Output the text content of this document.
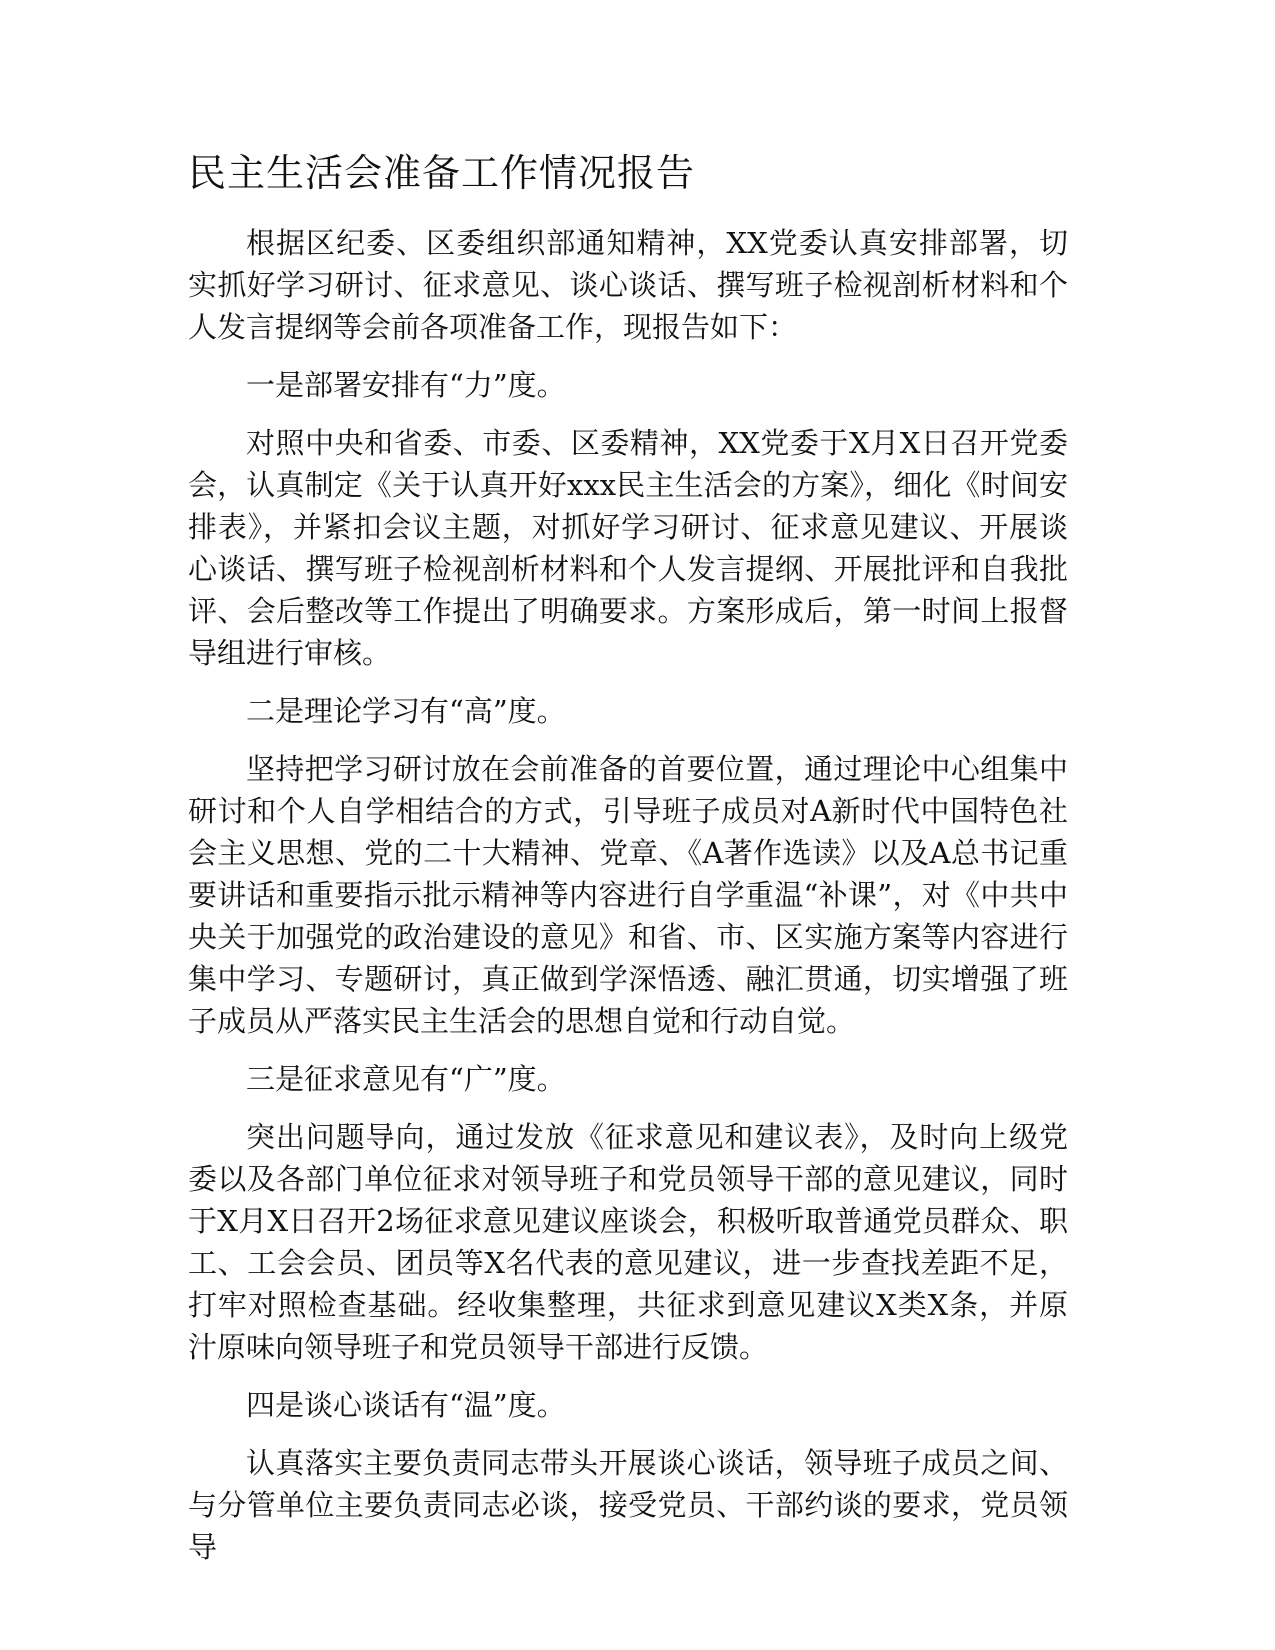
民主生活会准备工作情况报告

根据区纪委、区委组织部通知精神，XX党委认真安排部署，切实抓好学习研讨、征求意见、谈心谈话、撰写班子检视剖析材料和个人发言提纲等会前各项准备工作，现报告如下：

一是部署安排有“力”度。

对照中央和省委、市委、区委精神，XX党委于X月X日召开党委会，认真制定《关于认真开好xxx民主生活会的方案》，细化《时间安排表》，并紧扣会议主题，对抓好学习研讨、征求意见建议、开展谈心谈话、撰写班子检视剖析材料和个人发言提纲、开展批评和自我批评、会后整改等工作提出了明确要求。方案形成后，第一时间上报督导组进行审核。

二是理论学习有“高”度。

坚持把学习研讨放在会前准备的首要位置，通过理论中心组集中研讨和个人自学相结合的方式，引导班子成员对A新时代中国特色社会主义思想、党的二十大精神、党章、《A著作选读》以及A总书记重要讲话和重要指示批示精神等内容进行自学重温“补课”，对《中共中央关于加强党的政治建设的意见》和省、市、区实施方案等内容进行集中学习、专题研讨，真正做到学深悟透、融汇贯通，切实增强了班子成员从严落实民主生活会的思想自觉和行动自觉。

三是征求意见有“广”度。

突出问题导向，通过发放《征求意见和建议表》，及时向上级党委以及各部门单位征求对领导班子和党员领导干部的意见建议，同时于X月X日召开2场征求意见建议座谈会，积极听取普通党员群众、职工、工会会员、团员等X名代表的意见建议，进一步查找差距不足，打牢对照检查基础。经收集整理，共征求到意见建议X类X条，并原汁原味向领导班子和党员领导干部进行反馈。

四是谈心谈话有“温”度。

认真落实主要负责同志带头开展谈心谈话，领导班子成员之间、与分管单位主要负责同志必谈，接受党员、干部约谈的要求，党员领导
